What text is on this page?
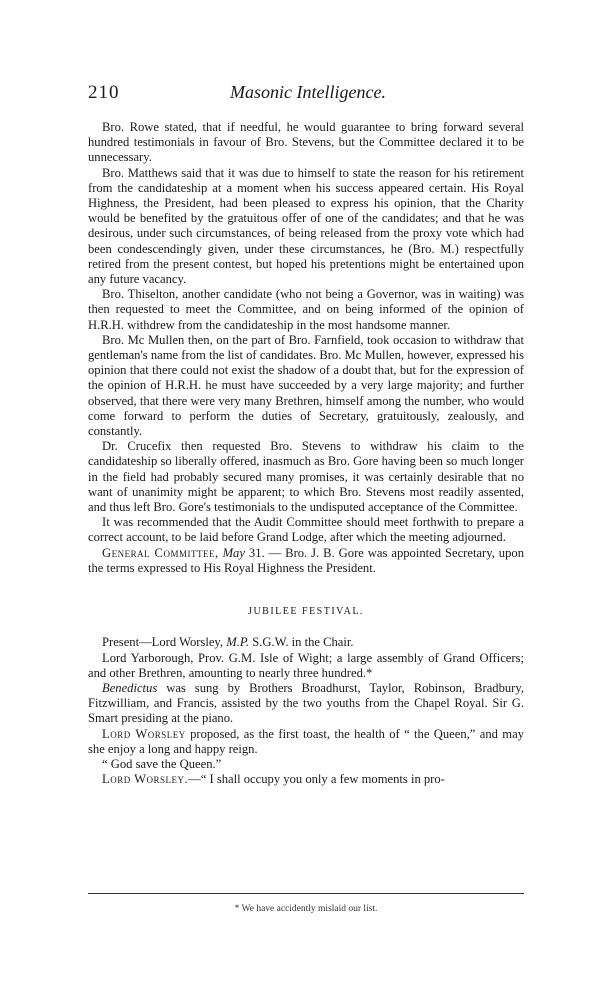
210	Masonic Intelligence.

Bro. Rowe stated, that if needful, he would guarantee to bring forward several hundred testimonials in favour of Bro. Stevens, but the Committee declared it to be unnecessary.

Bro. Matthews said that it was due to himself to state the reason for his retirement from the candidateship at a moment when his success appeared certain. His Royal Highness, the President, had been pleased to express his opinion, that the Charity would be benefited by the gratuitous offer of one of the candidates; and that he was desirous, under such circumstances, of being released from the proxy vote which had been condescendingly given, under these circumstances, he (Bro. M.) respectfully retired from the present contest, but hoped his pretentions might be entertained upon any future vacancy.

Bro. Thiselton, another candidate (who not being a Governor, was in waiting) was then requested to meet the Committee, and on being informed of the opinion of H.R.H. withdrew from the candidateship in the most handsome manner.

Bro. Mc Mullen then, on the part of Bro. Farnfield, took occasion to withdraw that gentleman's name from the list of candidates. Bro. Mc Mullen, however, expressed his opinion that there could not exist the shadow of a doubt that, but for the expression of the opinion of H.R.H. he must have succeeded by a very large majority; and further observed, that there were very many Brethren, himself among the number, who would come forward to perform the duties of Secretary, gratuitously, zealously, and constantly.

Dr. Crucefix then requested Bro. Stevens to withdraw his claim to the candidateship so liberally offered, inasmuch as Bro. Gore having been so much longer in the field had probably secured many promises, it was certainly desirable that no want of unanimity might be apparent; to which Bro. Stevens most readily assented, and thus left Bro. Gore's testimonials to the undisputed acceptance of the Committee.

It was recommended that the Audit Committee should meet forthwith to prepare a correct account, to be laid before Grand Lodge, after which the meeting adjourned.

General Committee, May 31. — Bro. J. B. Gore was appointed Secretary, upon the terms expressed to His Royal Highness the President.

JUBILEE FESTIVAL.

Present—Lord Worsley, M.P. S.G.W. in the Chair.

Lord Yarborough, Prov. G.M. Isle of Wight; a large assembly of Grand Officers; and other Brethren, amounting to nearly three hundred.*

Benedictus was sung by Brothers Broadhurst, Taylor, Robinson, Bradbury, Fitzwilliam, and Francis, assisted by the two youths from the Chapel Royal. Sir G. Smart presiding at the piano.

Lord Worsley proposed, as the first toast, the health of “ the Queen,” and may she enjoy a long and happy reign.

“ God save the Queen.”

Lord Worsley.—“ I shall occupy you only a few moments in pro-

* We have accidently mislaid our list.
